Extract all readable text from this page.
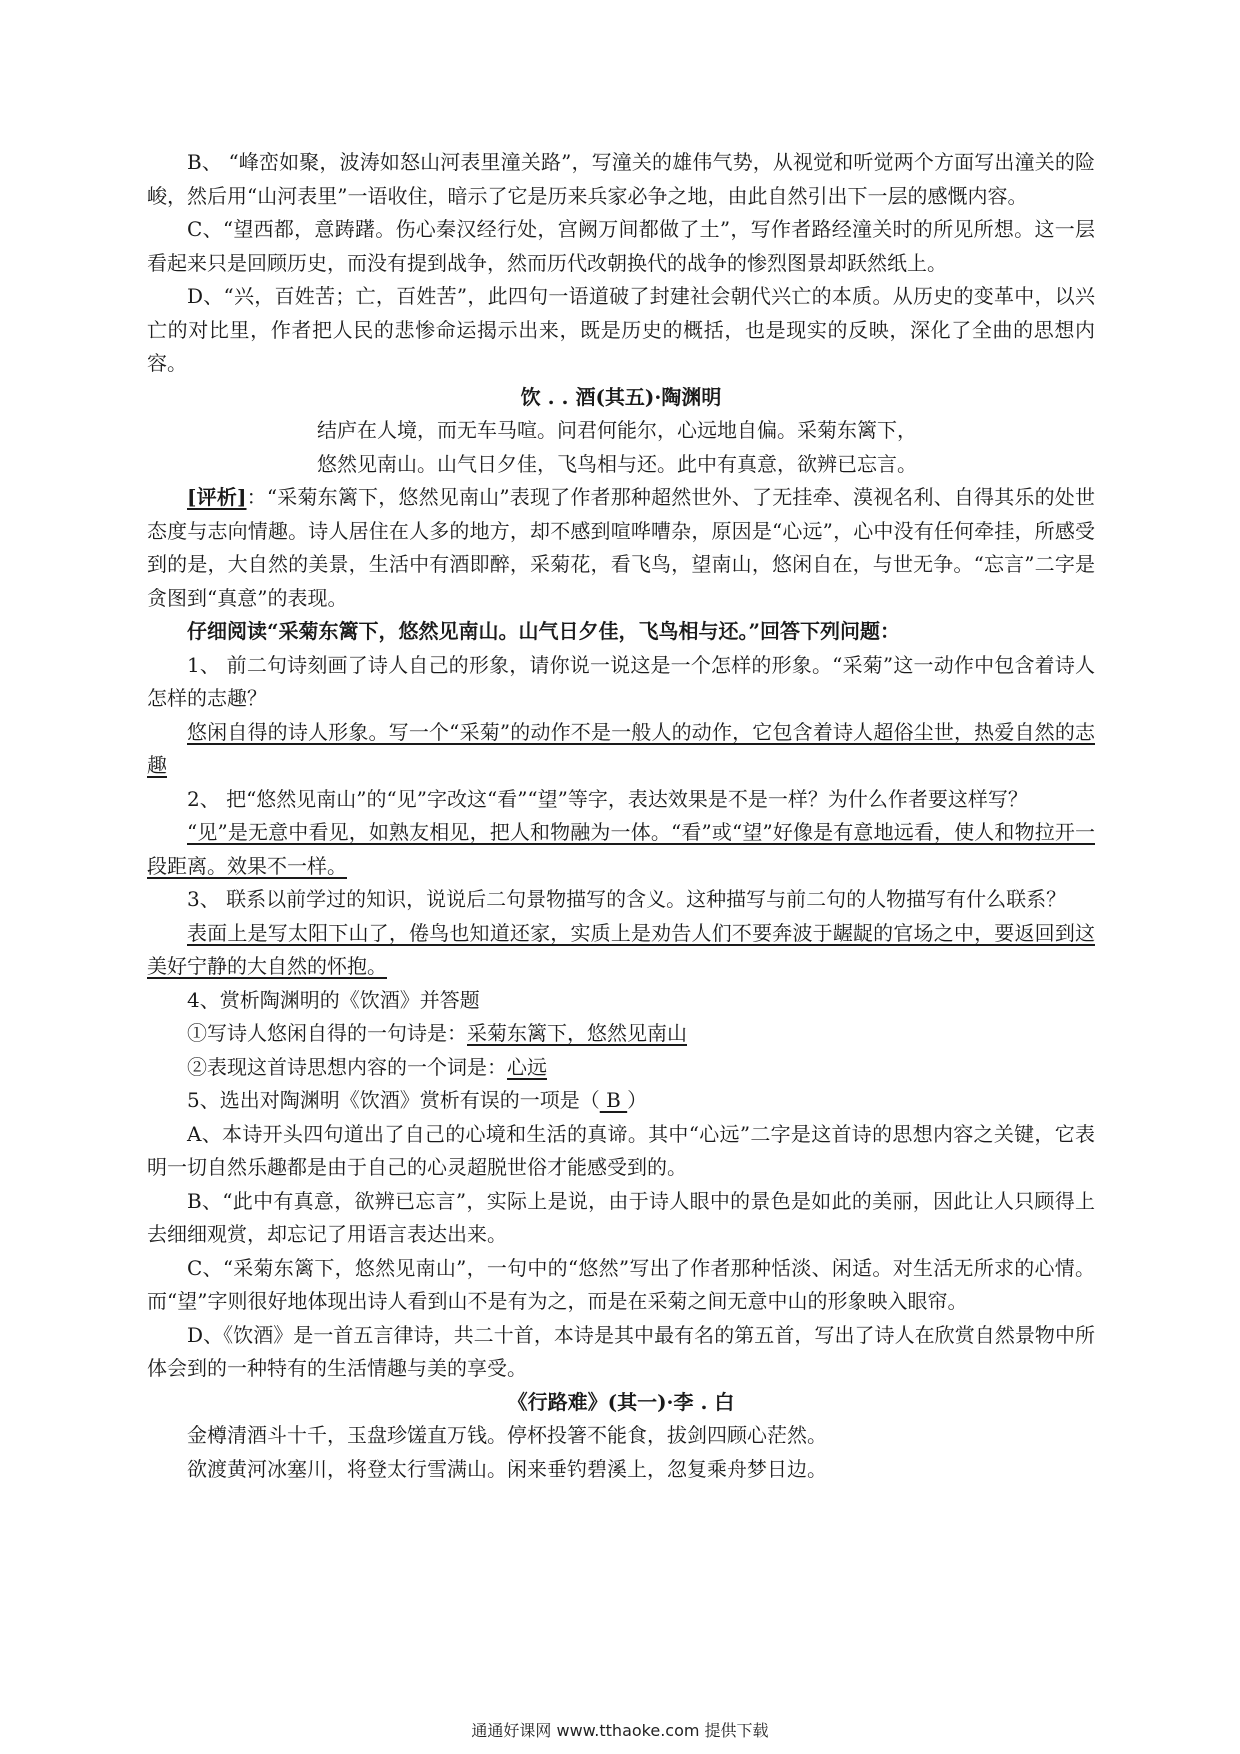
B、 “峰峦如聚，波涛如怒山河表里潼关路”，写潼关的雄伟气势，从视觉和听觉两个方面写出潼关的险峻，然后用“山河表里”一语收住，暗示了它是历来兵家必争之地，由此自然引出下一层的感慨内容。

C、“望西都，意踌躇。伤心秦汉经行处，宫阙万间都做了土”，写作者路经潼关时的所见所想。这一层看起来只是回顾历史，而没有提到战争，然而历代改朝换代的战争的惨烈图景却跃然纸上。

D、“兴，百姓苦；亡，百姓苦”，此四句一语道破了封建社会朝代兴亡的本质。从历史的变革中，以兴亡的对比里，作者把人民的悲惨命运揭示出来，既是历史的概括，也是现实的反映，深化了全曲的思想内容。

饮 . . 酒(其五)·陶渊明

结庐在人境，而无车马喧。问君何能尔，心远地自偏。采菊东篱下，

悠然见南山。山气日夕佳，飞鸟相与还。此中有真意，欲辨已忘言。

[评析]：“采菊东篱下，悠然见南山”表现了作者那种超然世外、了无挂牵、漠视名利、自得其乐的处世态度与志向情趣。诗人居住在人多的地方，却不感到喧哗嘈杂，原因是“心远”，心中没有任何牵挂，所感受到的是，大自然的美景，生活中有酒即醉，采菊花，看飞鸟，望南山，悠闲自在，与世无争。“忘言”二字是贪图到“真意”的表现。

仔细阅读“采菊东篱下，悠然见南山。山气日夕佳，飞鸟相与还。”回答下列问题：

1、 前二句诗刻画了诗人自己的形象，请你说一说这是一个怎样的形象。“采菊”这一动作中包含着诗人怎样的志趣？

悠闲自得的诗人形象。写一个“采菊”的动作不是一般人的动作，它包含着诗人超俗尘世，热爱自然的志趣

2、 把“悠然见南山”的“见”字改这“看”“望”等字，表达效果是不是一样？为什么作者要这样写？

“见”是无意中看见，如熟友相见，把人和物融为一体。“看”或“望”好像是有意地远看，使人和物拉开一段距离。效果不一样。

3、 联系以前学过的知识，说说后二句景物描写的含义。这种描写与前二句的人物描写有什么联系？

表面上是写太阳下山了，倦鸟也知道还家，实质上是劝告人们不要奔波于龌龊的官场之中，要返回到这美好宁静的大自然的怀抱。

4、赏析陶渊明的《饮酒》并答题

①写诗人悠闲自得的一句诗是：采菊东篱下，悠然见南山

②表现这首诗思想内容的一个词是：心远

5、选出对陶渊明《饮酒》赏析有误的一项是（ B ）

A、本诗开头四句道出了自己的心境和生活的真谛。其中“心远”二字是这首诗的思想内容之关键，它表明一切自然乐趣都是由于自己的心灵超脱世俗才能感受到的。

B、“此中有真意，欲辨已忘言”，实际上是说，由于诗人眼中的景色是如此的美丽，因此让人只顾得上去细细观赏，却忘记了用语言表达出来。

C、“采菊东篱下，悠然见南山”，一句中的“悠然”写出了作者那种恬淡、闲适。对生活无所求的心情。而“望”字则很好地体现出诗人看到山不是有为之，而是在采菊之间无意中山的形象映入眼帘。

D、《饮酒》是一首五言律诗，共二十首，本诗是其中最有名的第五首，写出了诗人在欣赏自然景物中所体会到的一种特有的生活情趣与美的享受。

《行路难》(其一)·李 . 白

金樽清酒斗十千，玉盘珍馐直万钱。停杯投箸不能食，拔剑四顾心茫然。

欲渡黄河冰塞川，将登太行雪满山。闲来垂钓碧溪上，忽复乘舟梦日边。

通通好课网 www.tthaoke.com 提供下载
